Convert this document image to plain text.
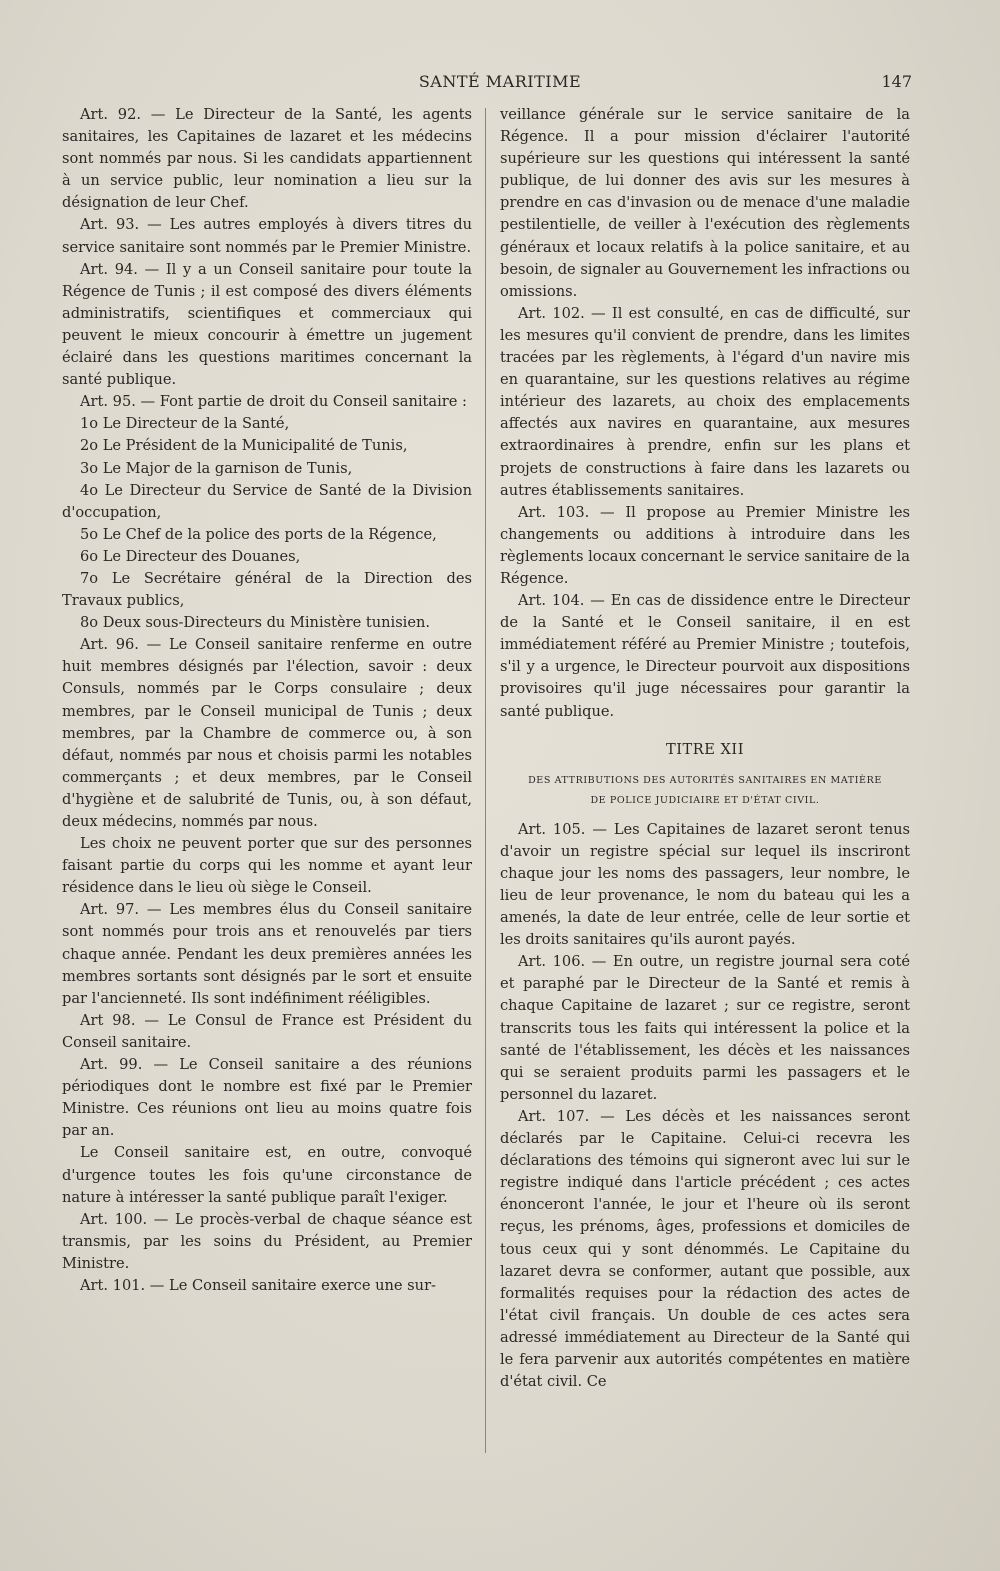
SANTÉ MARITIME	147

Art. 92. — Le Directeur de la Santé, les agents sanitaires, les Capitaines de lazaret et les médecins sont nommés par nous. Si les candidats appartiennent à un service public, leur nomination a lieu sur la désignation de leur Chef.

Art. 93. — Les autres employés à divers titres du service sanitaire sont nommés par le Premier Ministre.

Art. 94. — Il y a un Conseil sanitaire pour toute la Régence de Tunis ; il est composé des divers éléments administratifs, scientifiques et commerciaux qui peuvent le mieux concourir à émettre un jugement éclairé dans les questions maritimes concernant la santé publique.

Art. 95. — Font partie de droit du Conseil sanitaire :

1o Le Directeur de la Santé,

2o Le Président de la Municipalité de Tunis,

3o Le Major de la garnison de Tunis,

4o Le Directeur du Service de Santé de la Division d'occupation,

5o Le Chef de la police des ports de la Régence,

6o Le Directeur des Douanes,

7o Le Secrétaire général de la Direction des Travaux publics,

8o Deux sous-Directeurs du Ministère tunisien.

Art. 96. — Le Conseil sanitaire renferme en outre huit membres désignés par l'élection, savoir : deux Consuls, nommés par le Corps consulaire ; deux membres, par le Conseil municipal de Tunis ; deux membres, par la Chambre de commerce ou, à son défaut, nommés par nous et choisis parmi les notables commerçants ; et deux membres, par le Conseil d'hygiène et de salubrité de Tunis, ou, à son défaut, deux médecins, nommés par nous.

Les choix ne peuvent porter que sur des personnes faisant partie du corps qui les nomme et ayant leur résidence dans le lieu où siège le Conseil.

Art. 97. — Les membres élus du Conseil sanitaire sont nommés pour trois ans et renouvelés par tiers chaque année. Pendant les deux premières années les membres sortants sont désignés par le sort et ensuite par l'ancienneté. Ils sont indéfiniment rééligibles.

Art 98. — Le Consul de France est Président du Conseil sanitaire.

Art. 99. — Le Conseil sanitaire a des réunions périodiques dont le nombre est fixé par le Premier Ministre. Ces réunions ont lieu au moins quatre fois par an.

Le Conseil sanitaire est, en outre, convoqué d'urgence toutes les fois qu'une circonstance de nature à intéresser la santé publique paraît l'exiger.

Art. 100. — Le procès-verbal de chaque séance est transmis, par les soins du Président, au Premier Ministre.

Art. 101. — Le Conseil sanitaire exerce une sur-

veillance générale sur le service sanitaire de la Régence. Il a pour mission d'éclairer l'autorité supérieure sur les questions qui intéressent la santé publique, de lui donner des avis sur les mesures à prendre en cas d'invasion ou de menace d'une maladie pestilentielle, de veiller à l'exécution des règlements généraux et locaux relatifs à la police sanitaire, et au besoin, de signaler au Gouvernement les infractions ou omissions.

Art. 102. — Il est consulté, en cas de difficulté, sur les mesures qu'il convient de prendre, dans les limites tracées par les règlements, à l'égard d'un navire mis en quarantaine, sur les questions relatives au régime intérieur des lazarets, au choix des emplacements affectés aux navires en quarantaine, aux mesures extraordinaires à prendre, enfin sur les plans et projets de constructions à faire dans les lazarets ou autres établissements sanitaires.

Art. 103. — Il propose au Premier Ministre les changements ou additions à introduire dans les règlements locaux concernant le service sanitaire de la Régence.

Art. 104. — En cas de dissidence entre le Directeur de la Santé et le Conseil sanitaire, il en est immédiatement référé au Premier Ministre ; toutefois, s'il y a urgence, le Directeur pourvoit aux dispositions provisoires qu'il juge nécessaires pour garantir la santé publique.

TITRE XII
DES ATTRIBUTIONS DES AUTORITÉS SANITAIRES EN MATIÈRE
DE POLICE JUDICIAIRE ET D'ÉTAT CIVIL.

Art. 105. — Les Capitaines de lazaret seront tenus d'avoir un registre spécial sur lequel ils inscriront chaque jour les noms des passagers, leur nombre, le lieu de leur provenance, le nom du bateau qui les a amenés, la date de leur entrée, celle de leur sortie et les droits sanitaires qu'ils auront payés.

Art. 106. — En outre, un registre journal sera coté et paraphé par le Directeur de la Santé et remis à chaque Capitaine de lazaret ; sur ce registre, seront transcrits tous les faits qui intéressent la police et la santé de l'établissement, les décès et les naissances qui se seraient produits parmi les passagers et le personnel du lazaret.

Art. 107. — Les décès et les naissances seront déclarés par le Capitaine. Celui-ci recevra les déclarations des témoins qui signeront avec lui sur le registre indiqué dans l'article précédent ; ces actes énonceront l'année, le jour et l'heure où ils seront reçus, les prénoms, âges, professions et domiciles de tous ceux qui y sont dénommés. Le Capitaine du lazaret devra se conformer, autant que possible, aux formalités requises pour la rédaction des actes de l'état civil français. Un double de ces actes sera adressé immédiatement au Directeur de la Santé qui le fera parvenir aux autorités compétentes en matière d'état civil. Ce
